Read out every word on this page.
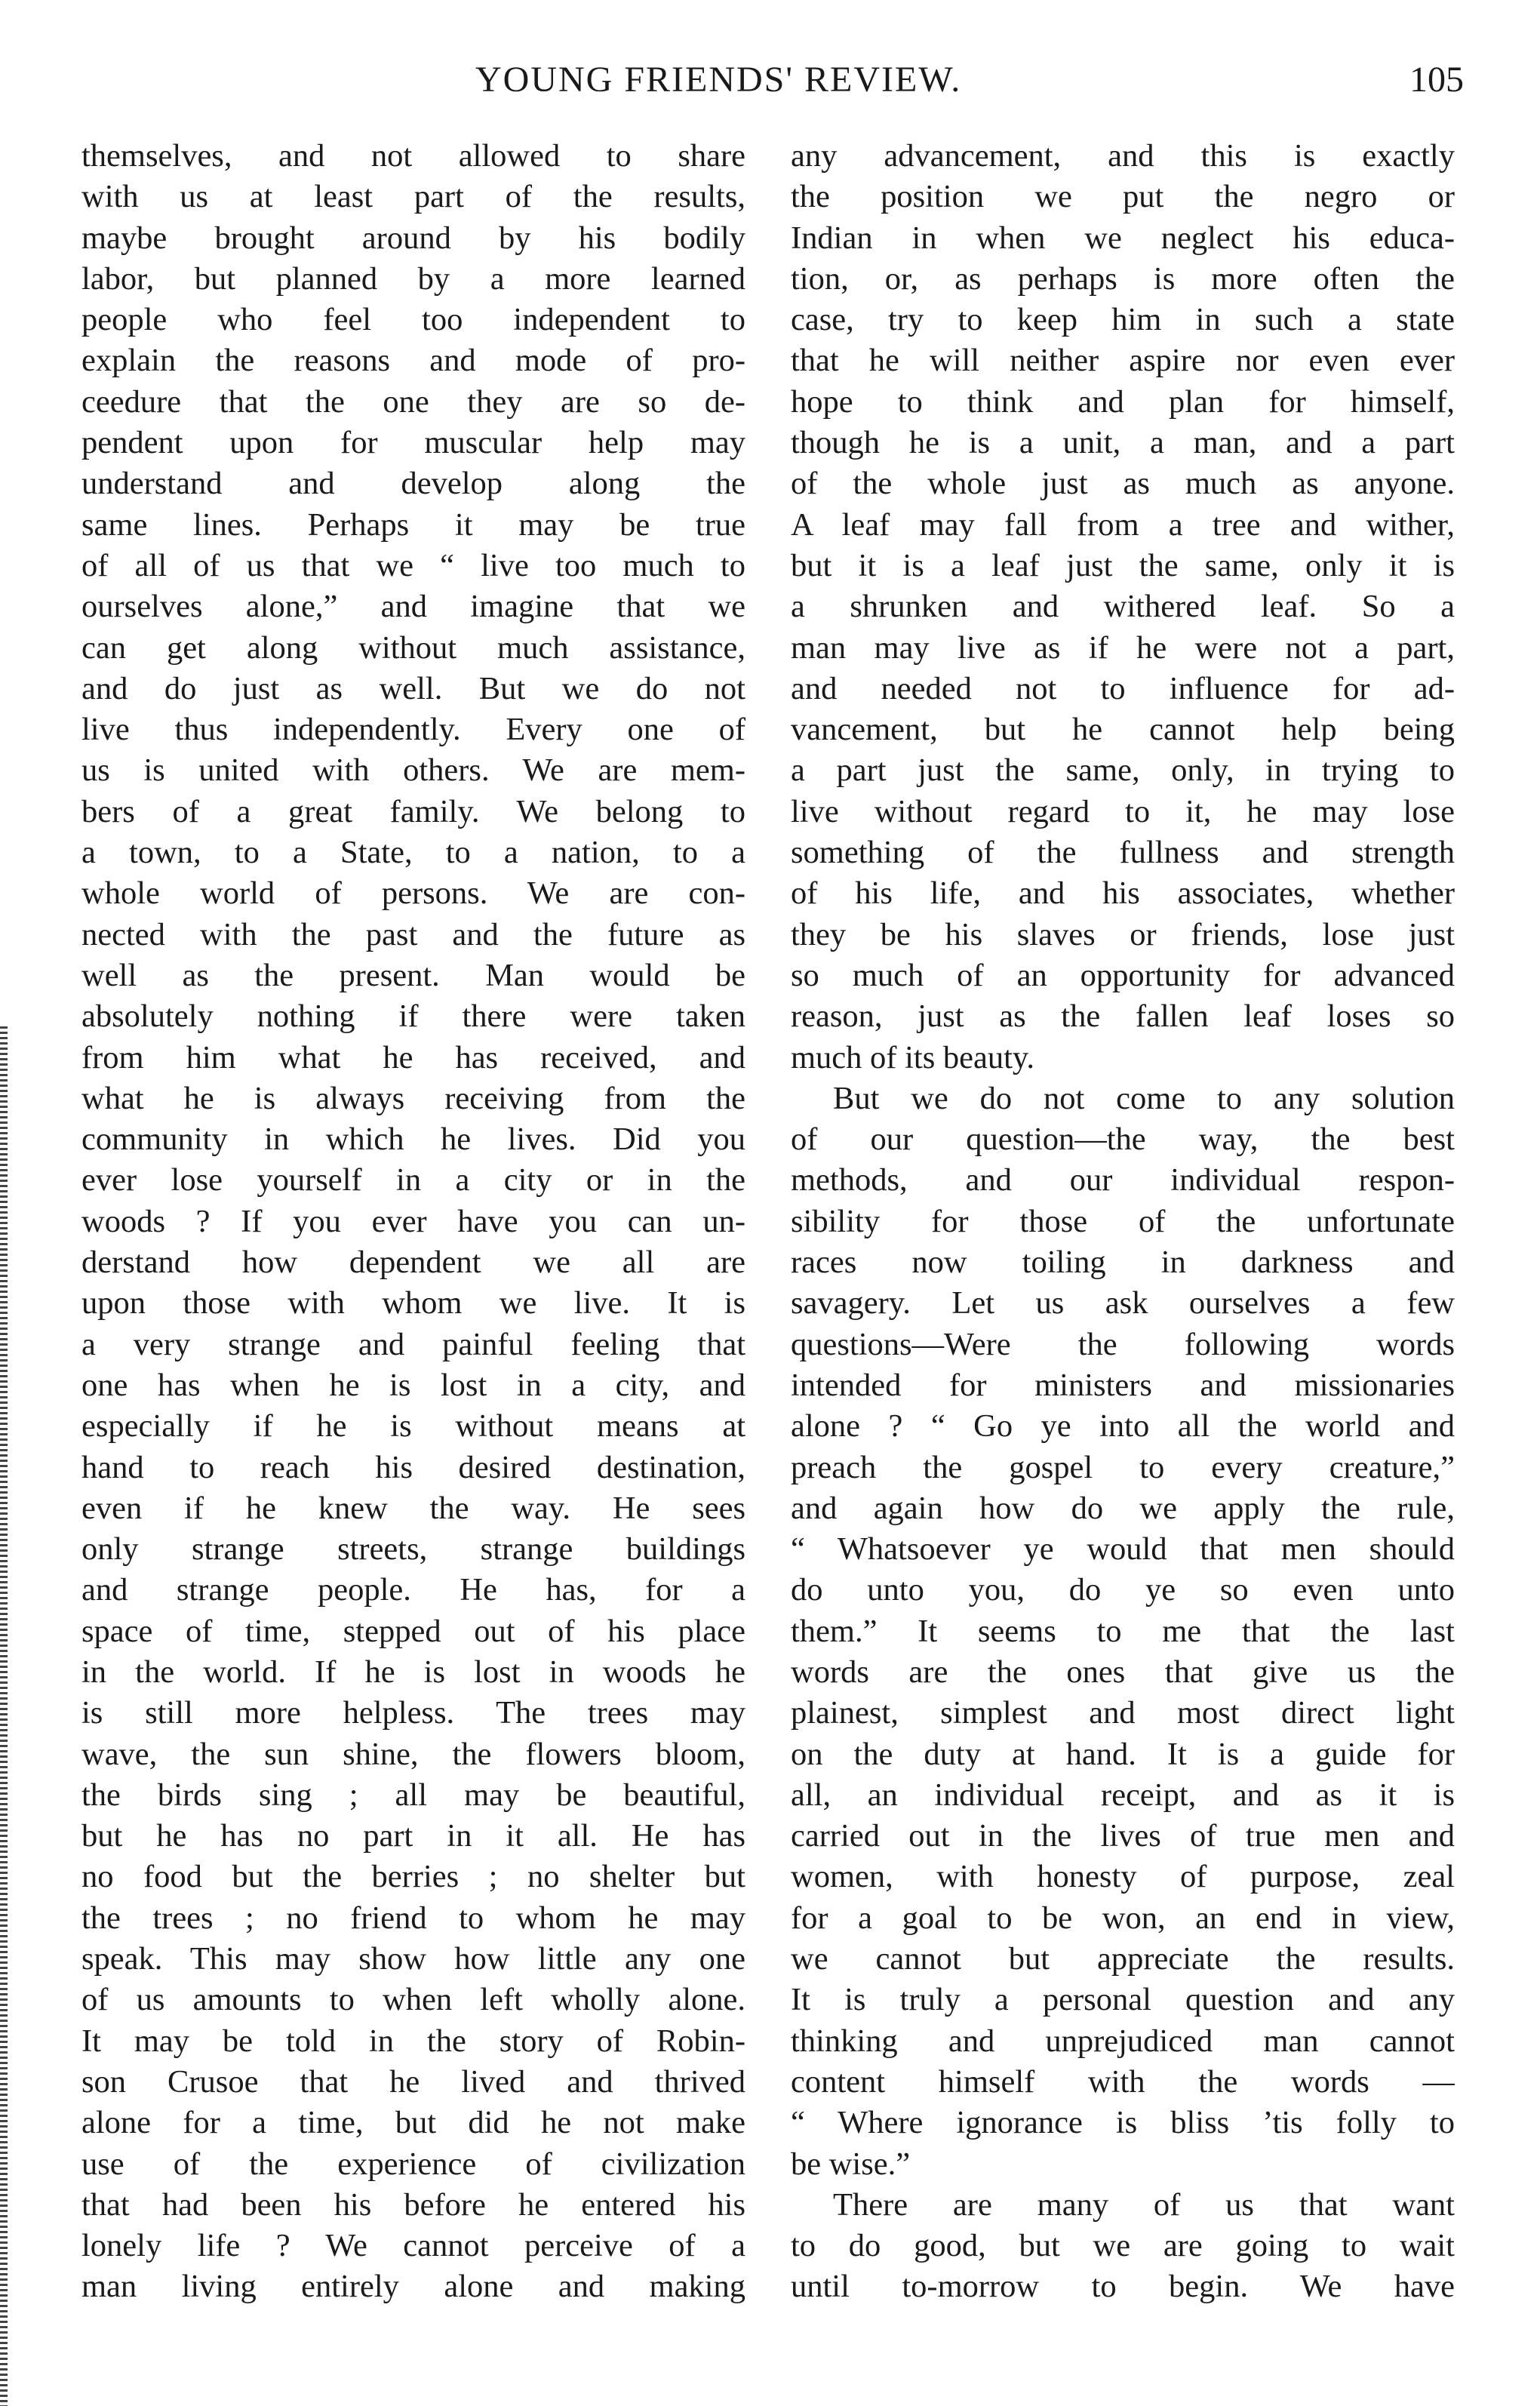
YOUNG FRIENDS' REVIEW.	105
themselves, and not allowed to share
with us at least part of the results,
maybe brought around by his bodily
labor, but planned by a more learned
people who feel too independent to
explain the reasons and mode of pro-
ceedure that the one they are so de-
pendent upon for muscular help may
understand and develop along the
same lines. Perhaps it may be true
of all of us that we “ live too much to
ourselves alone,” and imagine that we
can get along without much assistance,
and do just as well. But we do not
live thus independently. Every one of
us is united with others. We are mem-
bers of a great family. We belong to
a town, to a State, to a nation, to a
whole world of persons. We are con-
nected with the past and the future as
well as the present. Man would be
absolutely nothing if there were taken
from him what he has received, and
what he is always receiving from the
community in which he lives. Did you
ever lose yourself in a city or in the
woods ? If you ever have you can un-
derstand how dependent we all are
upon those with whom we live. It is
a very strange and painful feeling that
one has when he is lost in a city, and
especially if he is without means at
hand to reach his desired destination,
even if he knew the way. He sees
only strange streets, strange buildings
and strange people. He has, for a
space of time, stepped out of his place
in the world. If he is lost in woods he
is still more helpless. The trees may
wave, the sun shine, the flowers bloom,
the birds sing ; all may be beautiful,
but he has no part in it all. He has
no food but the berries ; no shelter but
the trees ; no friend to whom he may
speak. This may show how little any one
of us amounts to when left wholly alone.
It may be told in the story of Robin-
son Crusoe that he lived and thrived
alone for a time, but did he not make
use of the experience of civilization
that had been his before he entered his
lonely life ? We cannot perceive of a
man living entirely alone and making
any advancement, and this is exactly
the position we put the negro or
Indian in when we neglect his educa-
tion, or, as perhaps is more often the
case, try to keep him in such a state
that he will neither aspire nor even ever
hope to think and plan for himself,
though he is a unit, a man, and a part
of the whole just as much as anyone.
A leaf may fall from a tree and wither,
but it is a leaf just the same, only it is
a shrunken and withered leaf. So a
man may live as if he were not a part,
and needed not to influence for ad-
vancement, but he cannot help being
a part just the same, only, in trying to
live without regard to it, he may lose
something of the fullness and strength
of his life, and his associates, whether
they be his slaves or friends, lose just
so much of an opportunity for advanced
reason, just as the fallen leaf loses so
much of its beauty.
But we do not come to any solution
of our question—the way, the best
methods, and our individual respon-
sibility for those of the unfortunate
races now toiling in darkness and
savagery. Let us ask ourselves a few
questions—Were the following words
intended for ministers and missionaries
alone ? “ Go ye into all the world and
preach the gospel to every creature,”
and again how do we apply the rule,
“ Whatsoever ye would that men should
do unto you, do ye so even unto
them.” It seems to me that the last
words are the ones that give us the
plainest, simplest and most direct light
on the duty at hand. It is a guide for
all, an individual receipt, and as it is
carried out in the lives of true men and
women, with honesty of purpose, zeal
for a goal to be won, an end in view,
we cannot but appreciate the results.
It is truly a personal question and any
thinking and unprejudiced man cannot
content himself with the words —
“ Where ignorance is bliss ’tis folly to
be wise.”
There are many of us that want
to do good, but we are going to wait
until to-morrow to begin. We have
